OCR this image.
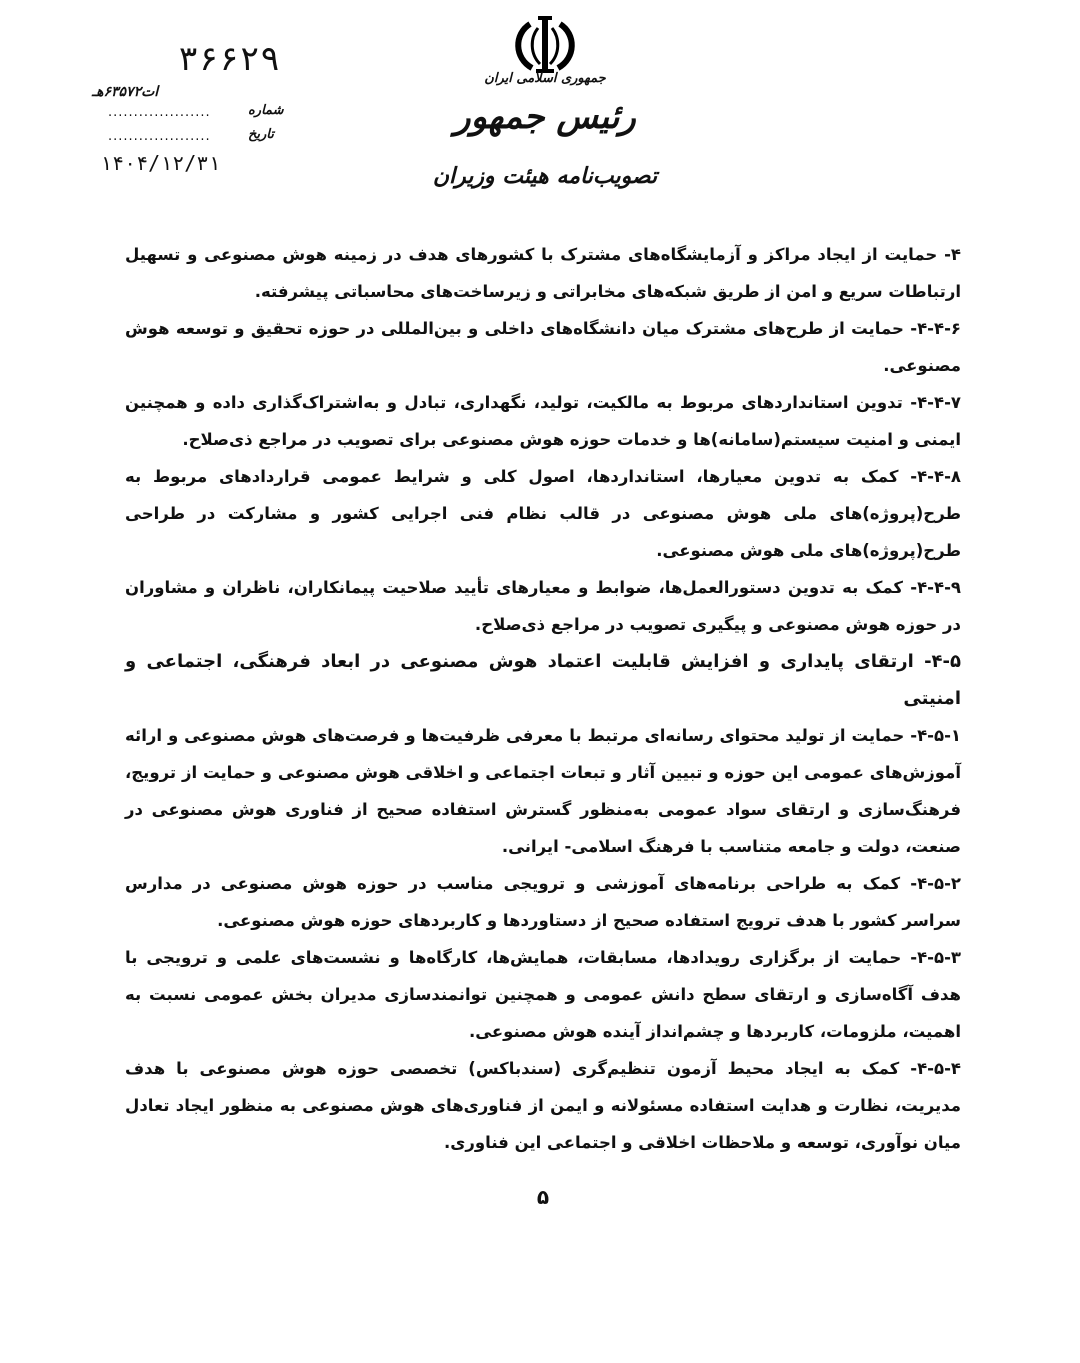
جمهوری اسلامی ایران
رئیس جمهور
تصویب‌نامه هیئت وزیران
۳۶۶۲۹
ات۶۳۵۷۲هـ
شماره
....................
تاریخ
....................
۱۴۰۴/۱۲/۳۱

۴- حمایت از ایجاد مراکز و آزمایشگاه‌های مشترک با کشورهای هدف در زمینه هوش مصنوعی و تسهیل ارتباطات سریع و امن از طریق شبکه‌های مخابراتی و زیرساخت‌های محاسباتی پیشرفته.

۴-۴-۶- حمایت از طرح‌های مشترک میان دانشگاه‌های داخلی و بین‌المللی در حوزه تحقیق و توسعه هوش مصنوعی.

۴-۴-۷- تدوین استانداردهای مربوط به مالکیت، تولید، نگهداری، تبادل و به‌اشتراک‌گذاری داده و همچنین ایمنی و امنیت سیستم(سامانه)ها و خدمات حوزه هوش مصنوعی برای تصویب در مراجع ذی‌صلاح.

۴-۴-۸- کمک به تدوین معیارها، استانداردها، اصول کلی و شرایط عمومی قراردادهای مربوط به طرح(پروژه)های ملی هوش مصنوعی در قالب نظام فنی اجرایی کشور و مشارکت در طراحی طرح(پروژه)های ملی هوش مصنوعی.

۴-۴-۹- کمک به تدوین دستورالعمل‌ها، ضوابط و معیارهای تأیید صلاحیت پیمانکاران، ناظران و مشاوران در حوزه هوش مصنوعی و پیگیری تصویب در مراجع ذی‌صلاح.

۴-۵- ارتقای پایداری و افزایش قابلیت اعتماد هوش مصنوعی در ابعاد فرهنگی، اجتماعی و امنیتی

۴-۵-۱- حمایت از تولید محتوای رسانه‌ای مرتبط با معرفی ظرفیت‌ها و فرصت‌های هوش مصنوعی و ارائه آموزش‌های عمومی این حوزه و تبیین آثار و تبعات اجتماعی و اخلاقی هوش مصنوعی و حمایت از ترویج، فرهنگ‌سازی و ارتقای سواد عمومی به‌منظور گسترش استفاده صحیح از فناوری هوش مصنوعی در صنعت، دولت و جامعه متناسب با فرهنگ اسلامی- ایرانی.

۴-۵-۲- کمک به طراحی برنامه‌های آموزشی و ترویجی مناسب در حوزه هوش مصنوعی در مدارس سراسر کشور با هدف ترویج استفاده صحیح از دستاوردها و کاربردهای حوزه هوش مصنوعی.

۴-۵-۳- حمایت از برگزاری رویدادها، مسابقات، همایش‌ها، کارگاه‌ها و نشست‌های علمی و ترویجی با هدف آگاه‌سازی و ارتقای سطح دانش عمومی و همچنین توانمندسازی مدیران بخش عمومی نسبت به اهمیت، ملزومات، کاربردها و چشم‌انداز آینده هوش مصنوعی.

۴-۵-۴- کمک به ایجاد محیط آزمون تنظیم‌گری (سندباکس) تخصصی حوزه هوش مصنوعی با هدف مدیریت، نظارت و هدایت استفاده مسئولانه و ایمن از فناوری‌های هوش مصنوعی به منظور ایجاد تعادل میان نوآوری، توسعه و ملاحظات اخلاقی و اجتماعی این فناوری.

۵
